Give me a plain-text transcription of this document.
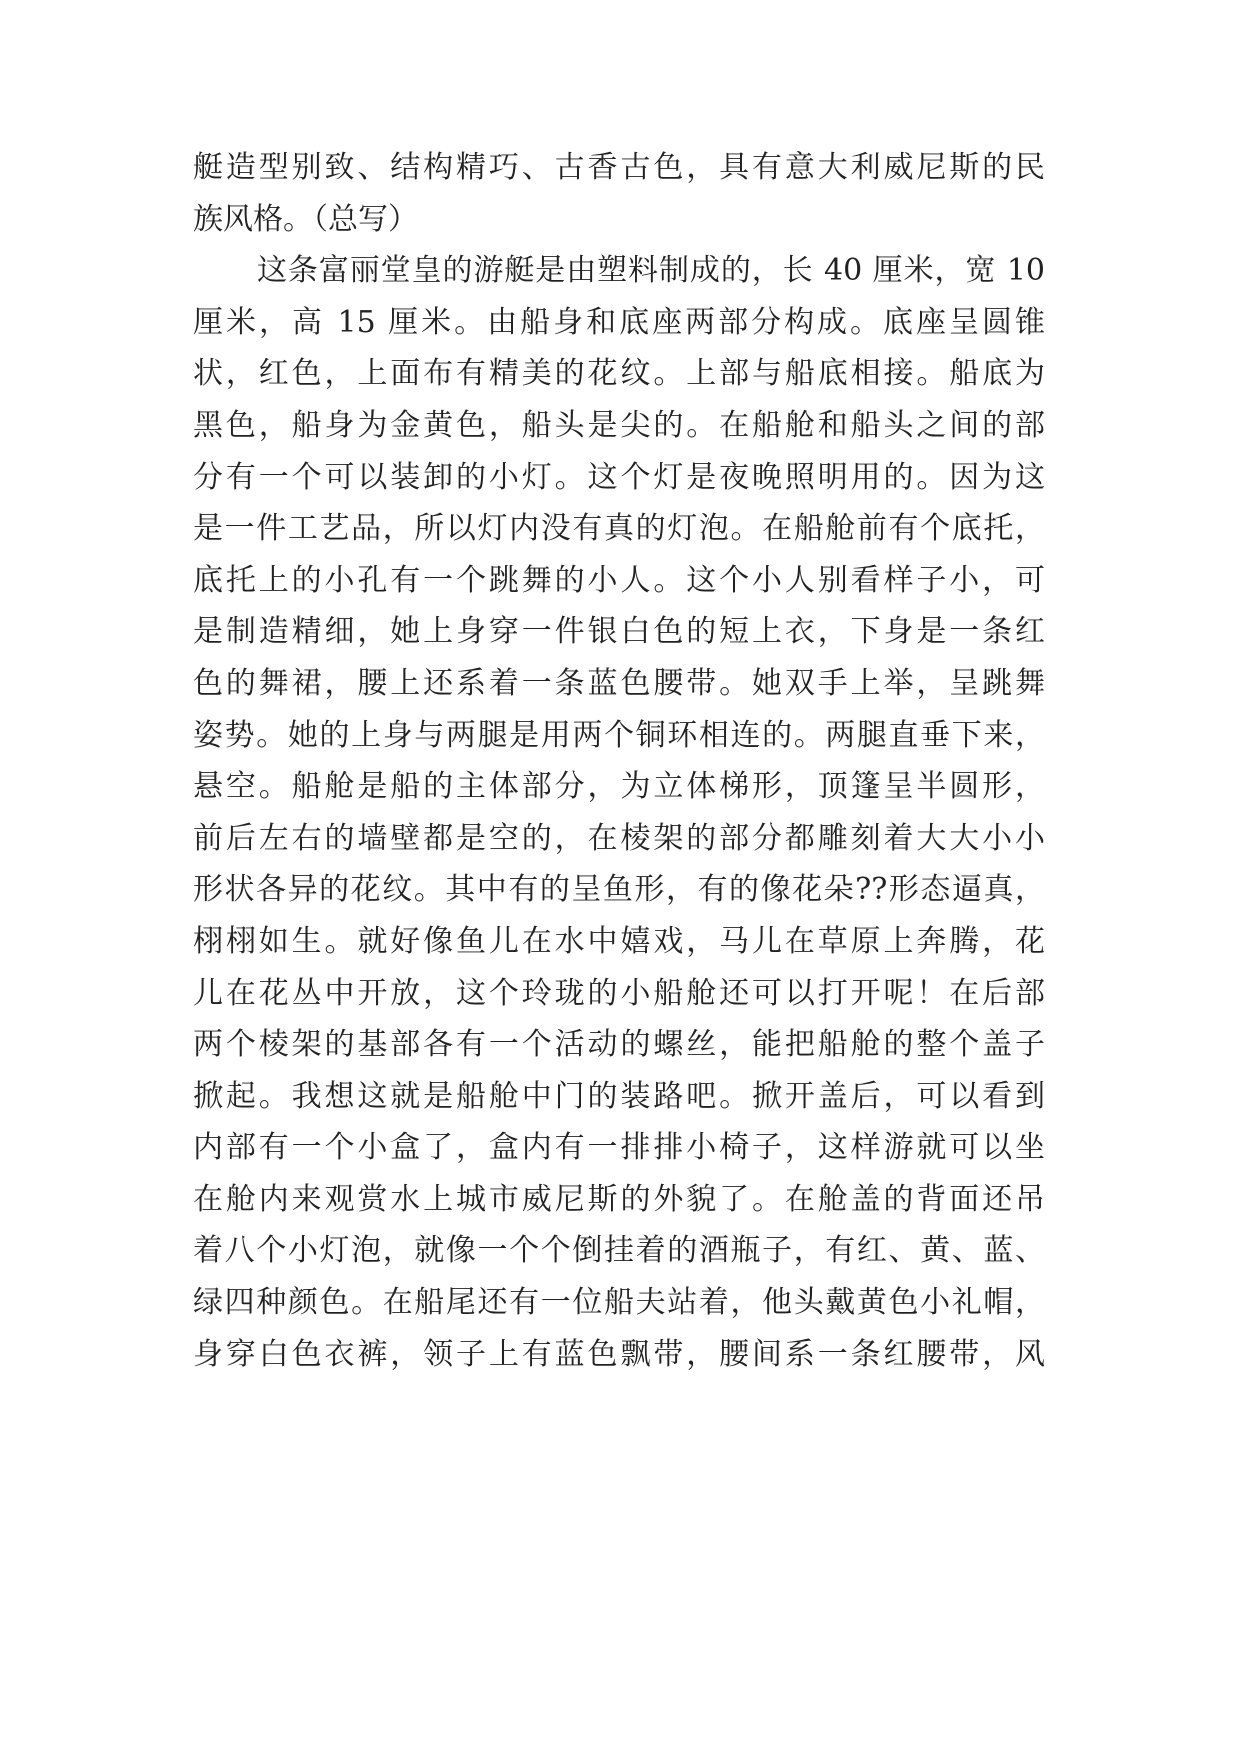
艇造型别致、结构精巧、古香古色，具有意大利威尼斯的民
族风格。（总写）
这条富丽堂皇的游艇是由塑料制成的，长 40 厘米，宽 10
厘米，高 15 厘米。由船身和底座两部分构成。底座呈圆锥
状，红色，上面布有精美的花纹。上部与船底相接。船底为
黑色，船身为金黄色，船头是尖的。在船舱和船头之间的部
分有一个可以装卸的小灯。这个灯是夜晚照明用的。因为这
是一件工艺品，所以灯内没有真的灯泡。在船舱前有个底托，
底托上的小孔有一个跳舞的小人。这个小人别看样子小，可
是制造精细，她上身穿一件银白色的短上衣，下身是一条红
色的舞裙，腰上还系着一条蓝色腰带。她双手上举，呈跳舞
姿势。她的上身与两腿是用两个铜环相连的。两腿直垂下来，
悬空。船舱是船的主体部分，为立体梯形，顶篷呈半圆形，
前后左右的墙壁都是空的，在棱架的部分都雕刻着大大小小
形状各异的花纹。其中有的呈鱼形，有的像花朵??形态逼真，
栩栩如生。就好像鱼儿在水中嬉戏，马儿在草原上奔腾，花
儿在花丛中开放，这个玲珑的小船舱还可以打开呢！在后部
两个棱架的基部各有一个活动的螺丝，能把船舱的整个盖子
掀起。我想这就是船舱中门的装路吧。掀开盖后，可以看到
内部有一个小盒了，盒内有一排排小椅子，这样游就可以坐
在舱内来观赏水上城市威尼斯的外貌了。在舱盖的背面还吊
着八个小灯泡，就像一个个倒挂着的酒瓶子，有红、黄、蓝、
绿四种颜色。在船尾还有一位船夫站着，他头戴黄色小礼帽，
身穿白色衣裤，领子上有蓝色飘带，腰间系一条红腰带，风
